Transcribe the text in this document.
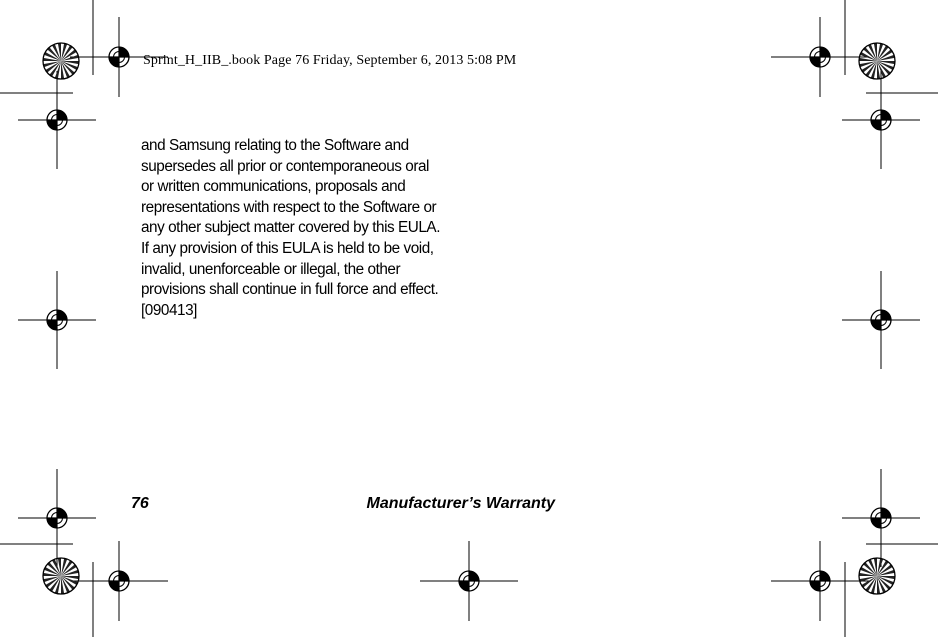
Sprint_H_IIB_.book Page 76 Friday, September 6, 2013 5:08 PM
and Samsung relating to the Software and
supersedes all prior or contemporaneous oral
or written communications, proposals and
representations with respect to the Software or
any other subject matter covered by this EULA.
If any provision of this EULA is held to be void,
invalid, unenforceable or illegal, the other
provisions shall continue in full force and effect.
[090413]
76	Manufacturer’s Warranty
